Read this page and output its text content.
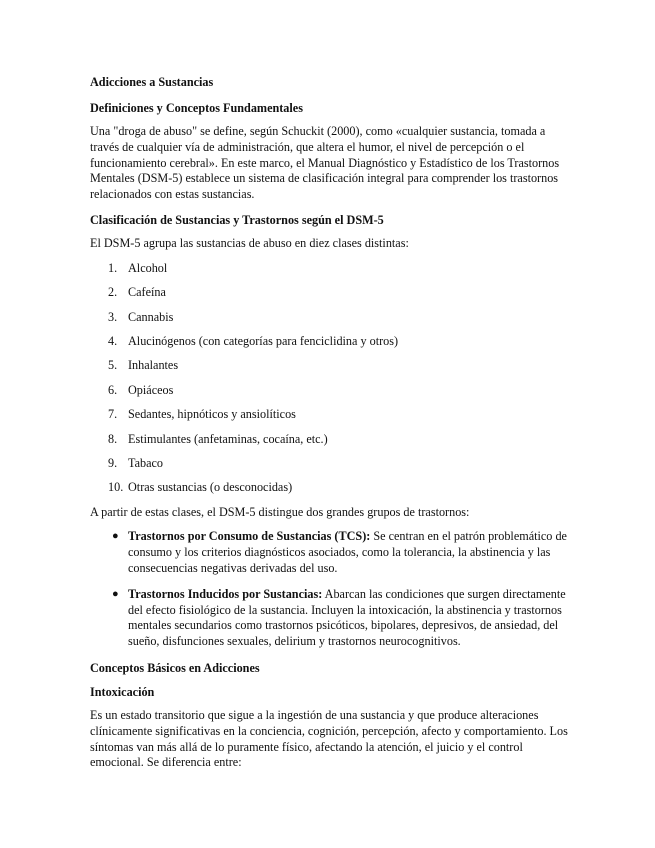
Adicciones a Sustancias
Definiciones y Conceptos Fundamentales

Una "droga de abuso" se define, según Schuckit (2000), como «cualquier sustancia, tomada a través de cualquier vía de administración, que altera el humor, el nivel de percepción o el funcionamiento cerebral». En este marco, el Manual Diagnóstico y Estadístico de los Trastornos Mentales (DSM-5) establece un sistema de clasificación integral para comprender los trastornos relacionados con estas sustancias.

Clasificación de Sustancias y Trastornos según el DSM-5

El DSM-5 agrupa las sustancias de abuso en diez clases distintas:

1. Alcohol
2. Cafeína
3. Cannabis
4. Alucinógenos (con categorías para fenciclidina y otros)
5. Inhalantes
6. Opiáceos
7. Sedantes, hipnóticos y ansiolíticos
8. Estimulantes (anfetaminas, cocaína, etc.)
9. Tabaco
10. Otras sustancias (o desconocidas)

A partir de estas clases, el DSM-5 distingue dos grandes grupos de trastornos:

● Trastornos por Consumo de Sustancias (TCS): Se centran en el patrón problemático de consumo y los criterios diagnósticos asociados, como la tolerancia, la abstinencia y las consecuencias negativas derivadas del uso.
● Trastornos Inducidos por Sustancias: Abarcan las condiciones que surgen directamente del efecto fisiológico de la sustancia. Incluyen la intoxicación, la abstinencia y trastornos mentales secundarios como trastornos psicóticos, bipolares, depresivos, de ansiedad, del sueño, disfunciones sexuales, delirium y trastornos neurocognitivos.
Conceptos Básicos en Adicciones
Intoxicación

Es un estado transitorio que sigue a la ingestión de una sustancia y que produce alteraciones clínicamente significativas en la conciencia, cognición, percepción, afecto y comportamiento. Los síntomas van más allá de lo puramente físico, afectando la atención, el juicio y el control emocional. Se diferencia entre:
